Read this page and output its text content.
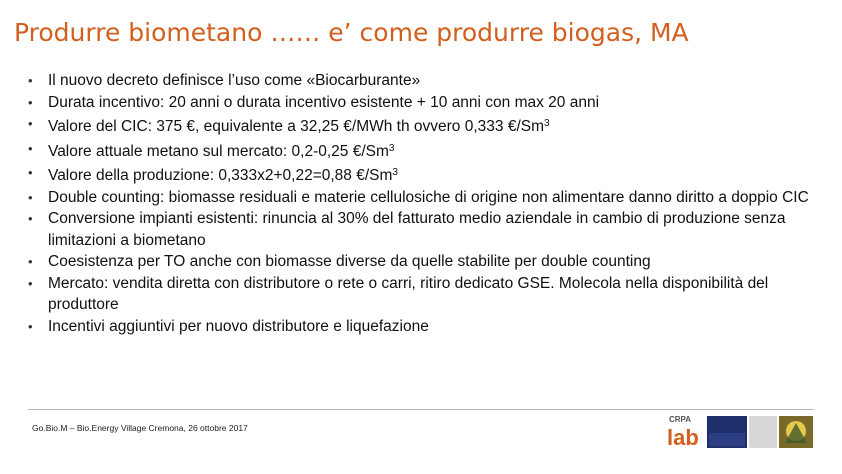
Produrre biometano …… e’ come produrre biogas, MA
• Il nuovo decreto definisce l’uso come «Biocarburante»
• Durata incentivo: 20 anni o durata incentivo esistente + 10 anni con max 20 anni
• Valore del CIC: 375 €, equivalente a 32,25 €/MWh th ovvero 0,333 €/Sm$^3$
• Valore attuale metano sul mercato: 0,2-0,25 €/Sm$^3$
• Valore della produzione: 0,333x2+0,22=0,88 €/Sm$^3$
• Double counting: biomasse residuali e materie cellulosiche di origine non alimentare danno diritto a doppio CIC
• Conversione impianti esistenti: rinuncia al 30% del fatturato medio aziendale in cambio di produzione senza limitazioni a biometano
• Coesistenza per TO anche con biomasse diverse da quelle stabilite per double counting
• Mercato: vendita diretta con distributore o rete o carri, ritiro dedicato GSE. Molecola nella disponibilità del produttore
• Incentivi aggiuntivi per nuovo distributore e liquefazione
Go.Bio.M – Bio.Energy Village Cremona, 26 ottobre 2017
CRPA
lab
